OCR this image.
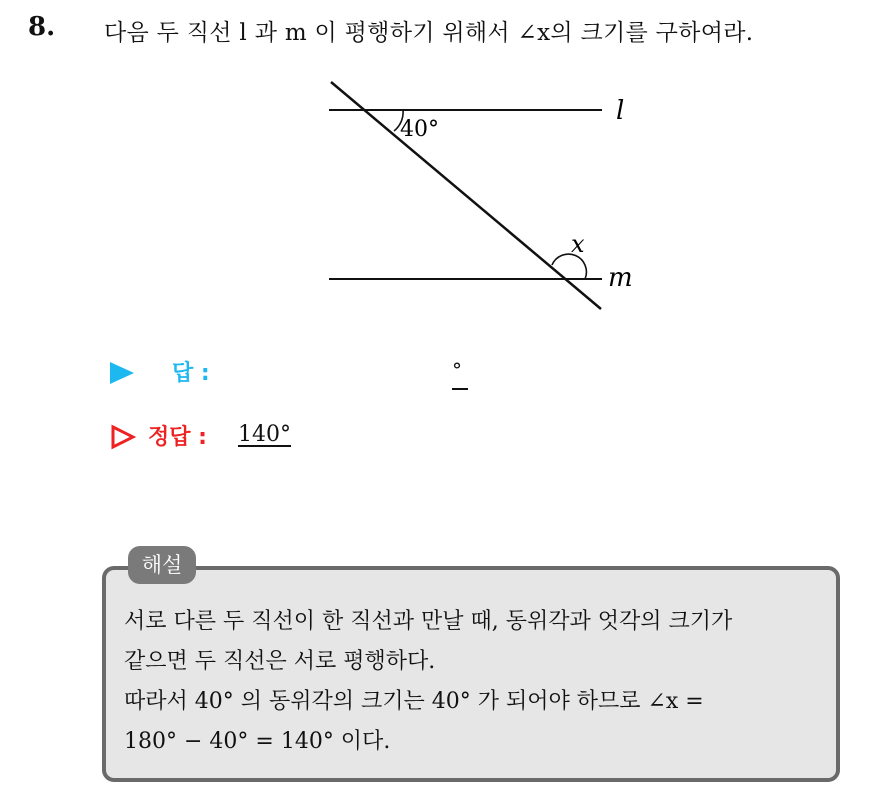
8. 다음 두 직선 l 과 m 이 평행하기 위해서 ∠x의 크기를 구하여라.
40°
x
l
m
답 :	°
정답 : 140°
해설
서로 다른 두 직선이 한 직선과 만날 때, 동위각과 엇각의 크기가
같으면 두 직선은 서로 평행하다.
따라서 40° 의 동위각의 크기는 40° 가 되어야 하므로 ∠x =
180° − 40° = 140° 이다.
